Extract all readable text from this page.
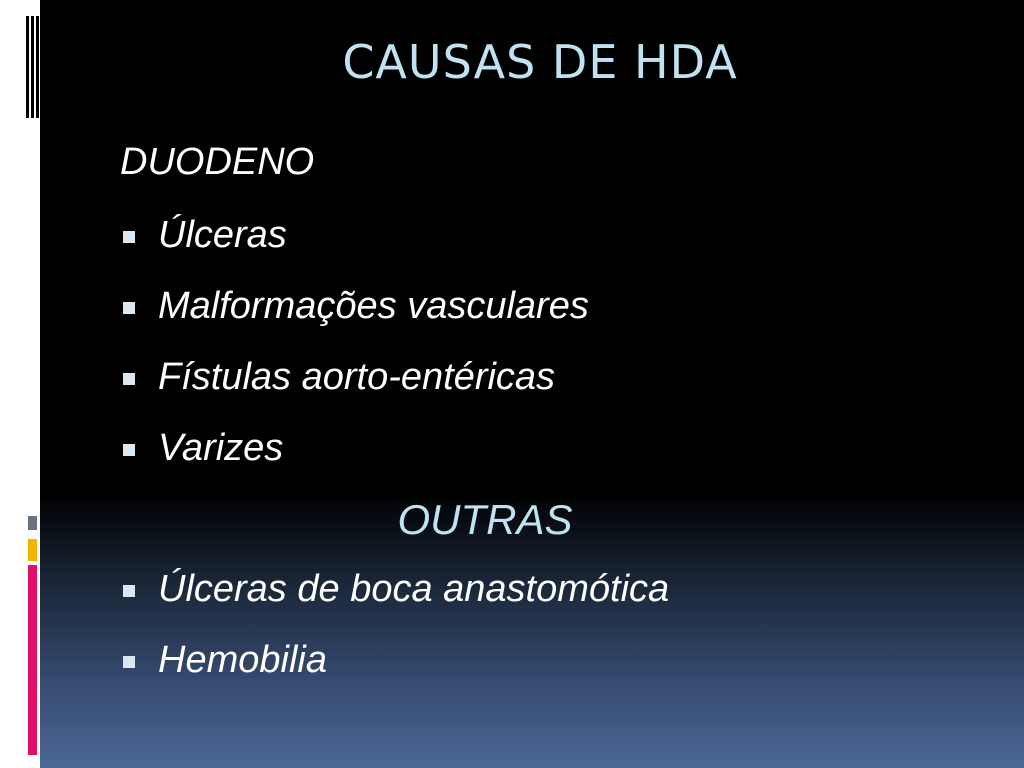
CAUSAS DE HDA
DUODENO
Úlceras
Malformações vasculares
Fístulas aorto-entéricas
Varizes
OUTRAS
Úlceras de boca anastomótica
Hemobilia
